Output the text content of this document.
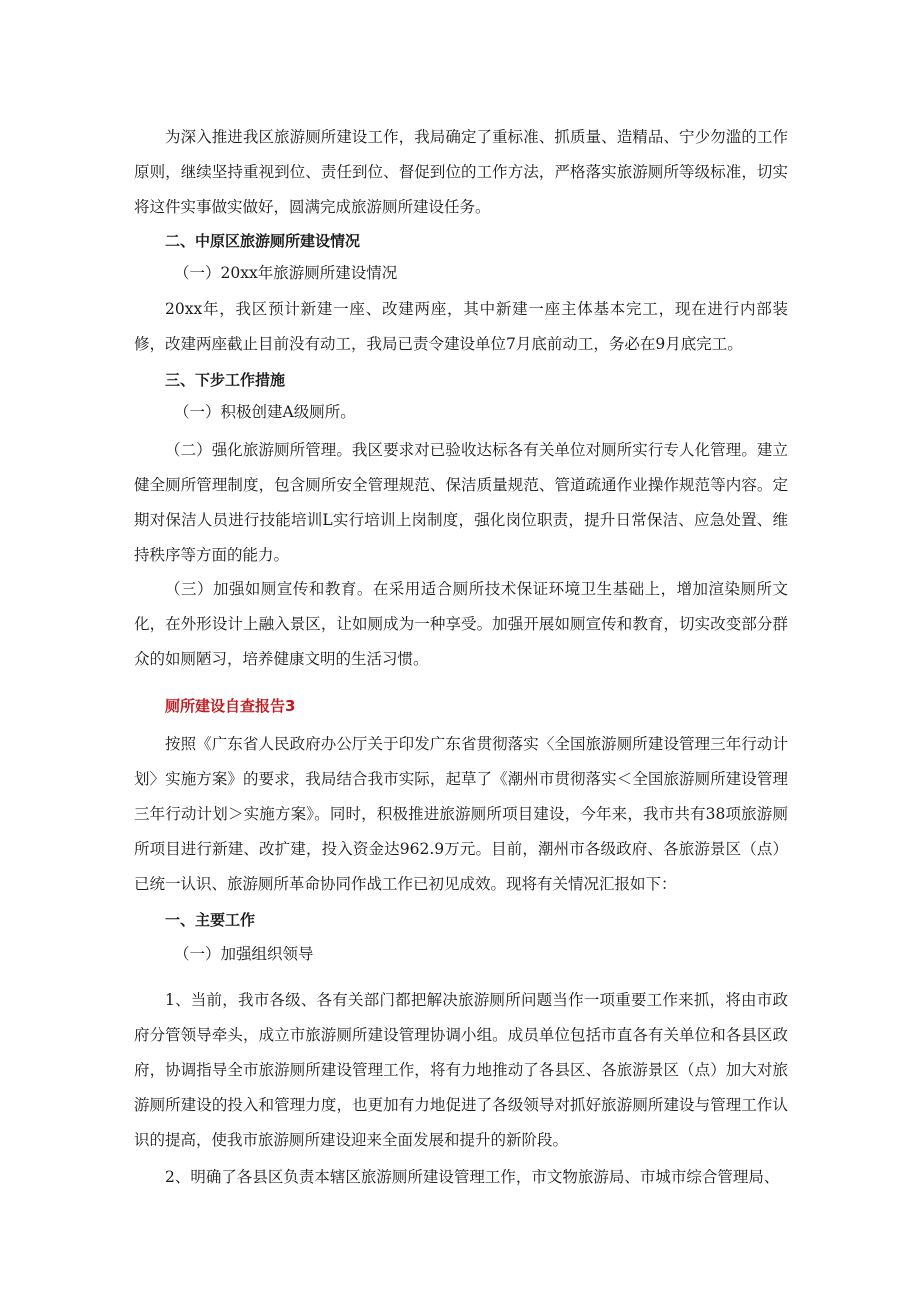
为深入推进我区旅游厕所建设工作，我局确定了重标准、抓质量、造精品、宁少勿滥的工作原则，继续坚持重视到位、责任到位、督促到位的工作方法，严格落实旅游厕所等级标准，切实将这件实事做实做好，圆满完成旅游厕所建设任务。

二、中原区旅游厕所建设情况

（一）20xx年旅游厕所建设情况

20xx年，我区预计新建一座、改建两座，其中新建一座主体基本完工，现在进行内部装修，改建两座截止目前没有动工，我局已责令建设单位7月底前动工，务必在9月底完工。

三、下步工作措施

（一）积极创建A级厕所。

（二）强化旅游厕所管理。我区要求对已验收达标各有关单位对厕所实行专人化管理。建立健全厕所管理制度，包含厕所安全管理规范、保洁质量规范、管道疏通作业操作规范等内容。定期对保洁人员进行技能培训L实行培训上岗制度，强化岗位职责，提升日常保洁、应急处置、维持秩序等方面的能力。

（三）加强如厕宣传和教育。在采用适合厕所技术保证环境卫生基础上，增加渲染厕所文化，在外形设计上融入景区，让如厕成为一种享受。加强开展如厕宣传和教育，切实改变部分群众的如厕陋习，培养健康文明的生活习惯。

厕所建设自查报告3

按照《广东省人民政府办公厅关于印发广东省贯彻落实〈全国旅游厕所建设管理三年行动计划〉实施方案》的要求，我局结合我市实际，起草了《潮州市贯彻落实＜全国旅游厕所建设管理三年行动计划＞实施方案》。同时，积极推进旅游厕所项目建设，今年来，我市共有38项旅游厕所项目进行新建、改扩建，投入资金达962.9万元。目前，潮州市各级政府、各旅游景区（点）已统一认识、旅游厕所革命协同作战工作已初见成效。现将有关情况汇报如下：

一、主要工作

（一）加强组织领导

1、当前，我市各级、各有关部门都把解决旅游厕所问题当作一项重要工作来抓，将由市政府分管领导牵头，成立市旅游厕所建设管理协调小组。成员单位包括市直各有关单位和各县区政府，协调指导全市旅游厕所建设管理工作，将有力地推动了各县区、各旅游景区（点）加大对旅游厕所建设的投入和管理力度，也更加有力地促进了各级领导对抓好旅游厕所建设与管理工作认识的提高，使我市旅游厕所建设迎来全面发展和提升的新阶段。

2、明确了各县区负责本辖区旅游厕所建设管理工作，市文物旅游局、市城市综合管理局、
